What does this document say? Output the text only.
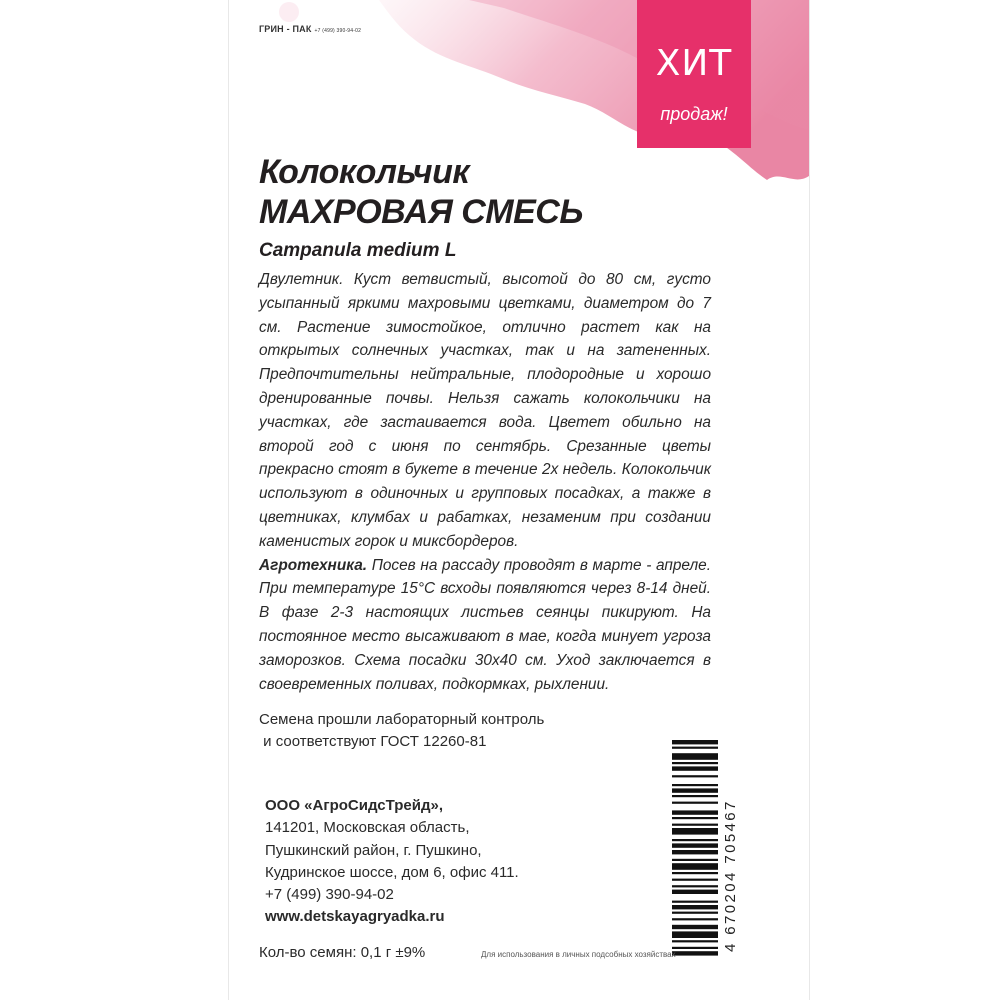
ГРИН - ПАК +7 (499) 390-94-02
ХИТ
продаж!
Колокольчик
МАХРОВАЯ СМЕСЬ
Campanula medium L

Двулетник. Куст ветвистый, высотой до 80 см, густо усыпанный яркими махровыми цветками, диаметром до 7 см. Растение зимостойкое, отлично растет как на открытых солнечных участках, так и на затененных. Предпочтительны нейтральные, плодородные и хорошо дренированные почвы. Нельзя сажать колокольчики на участках, где застаивается вода. Цветет обильно на второй год с июня по сентябрь. Срезанные цветы прекрасно стоят в букете в течение 2х недель. Колокольчик используют в одиночных и групповых посадках, а также в цветниках, клумбах и рабатках, незаменим при создании каменистых горок и миксбордеров.

Агротехника. Посев на рассаду проводят в марте - апреле. При температуре 15°С всходы появляются через 8-14 дней. В фазе 2-3 настоящих листьев сеянцы пикируют. На постоянное место высаживают в мае, когда минует угроза заморозков. Схема посадки 30х40 см. Уход заключается в своевременных поливах, подкормках, рыхлении.

Семена прошли лабораторный контроль
и соответствуют ГОСТ 12260-81
ООО «АгроСидсТрейд»,
141201, Московская область,
Пушкинский район, г. Пушкино,
Кудринское шоссе, дом 6, офис 411.
+7 (499) 390-94-02
www.detskayagryadka.ru	4 670204 705467
Кол-во семян: 0,1 г ±9%	Для использования в личных подсобных хозяйствах
